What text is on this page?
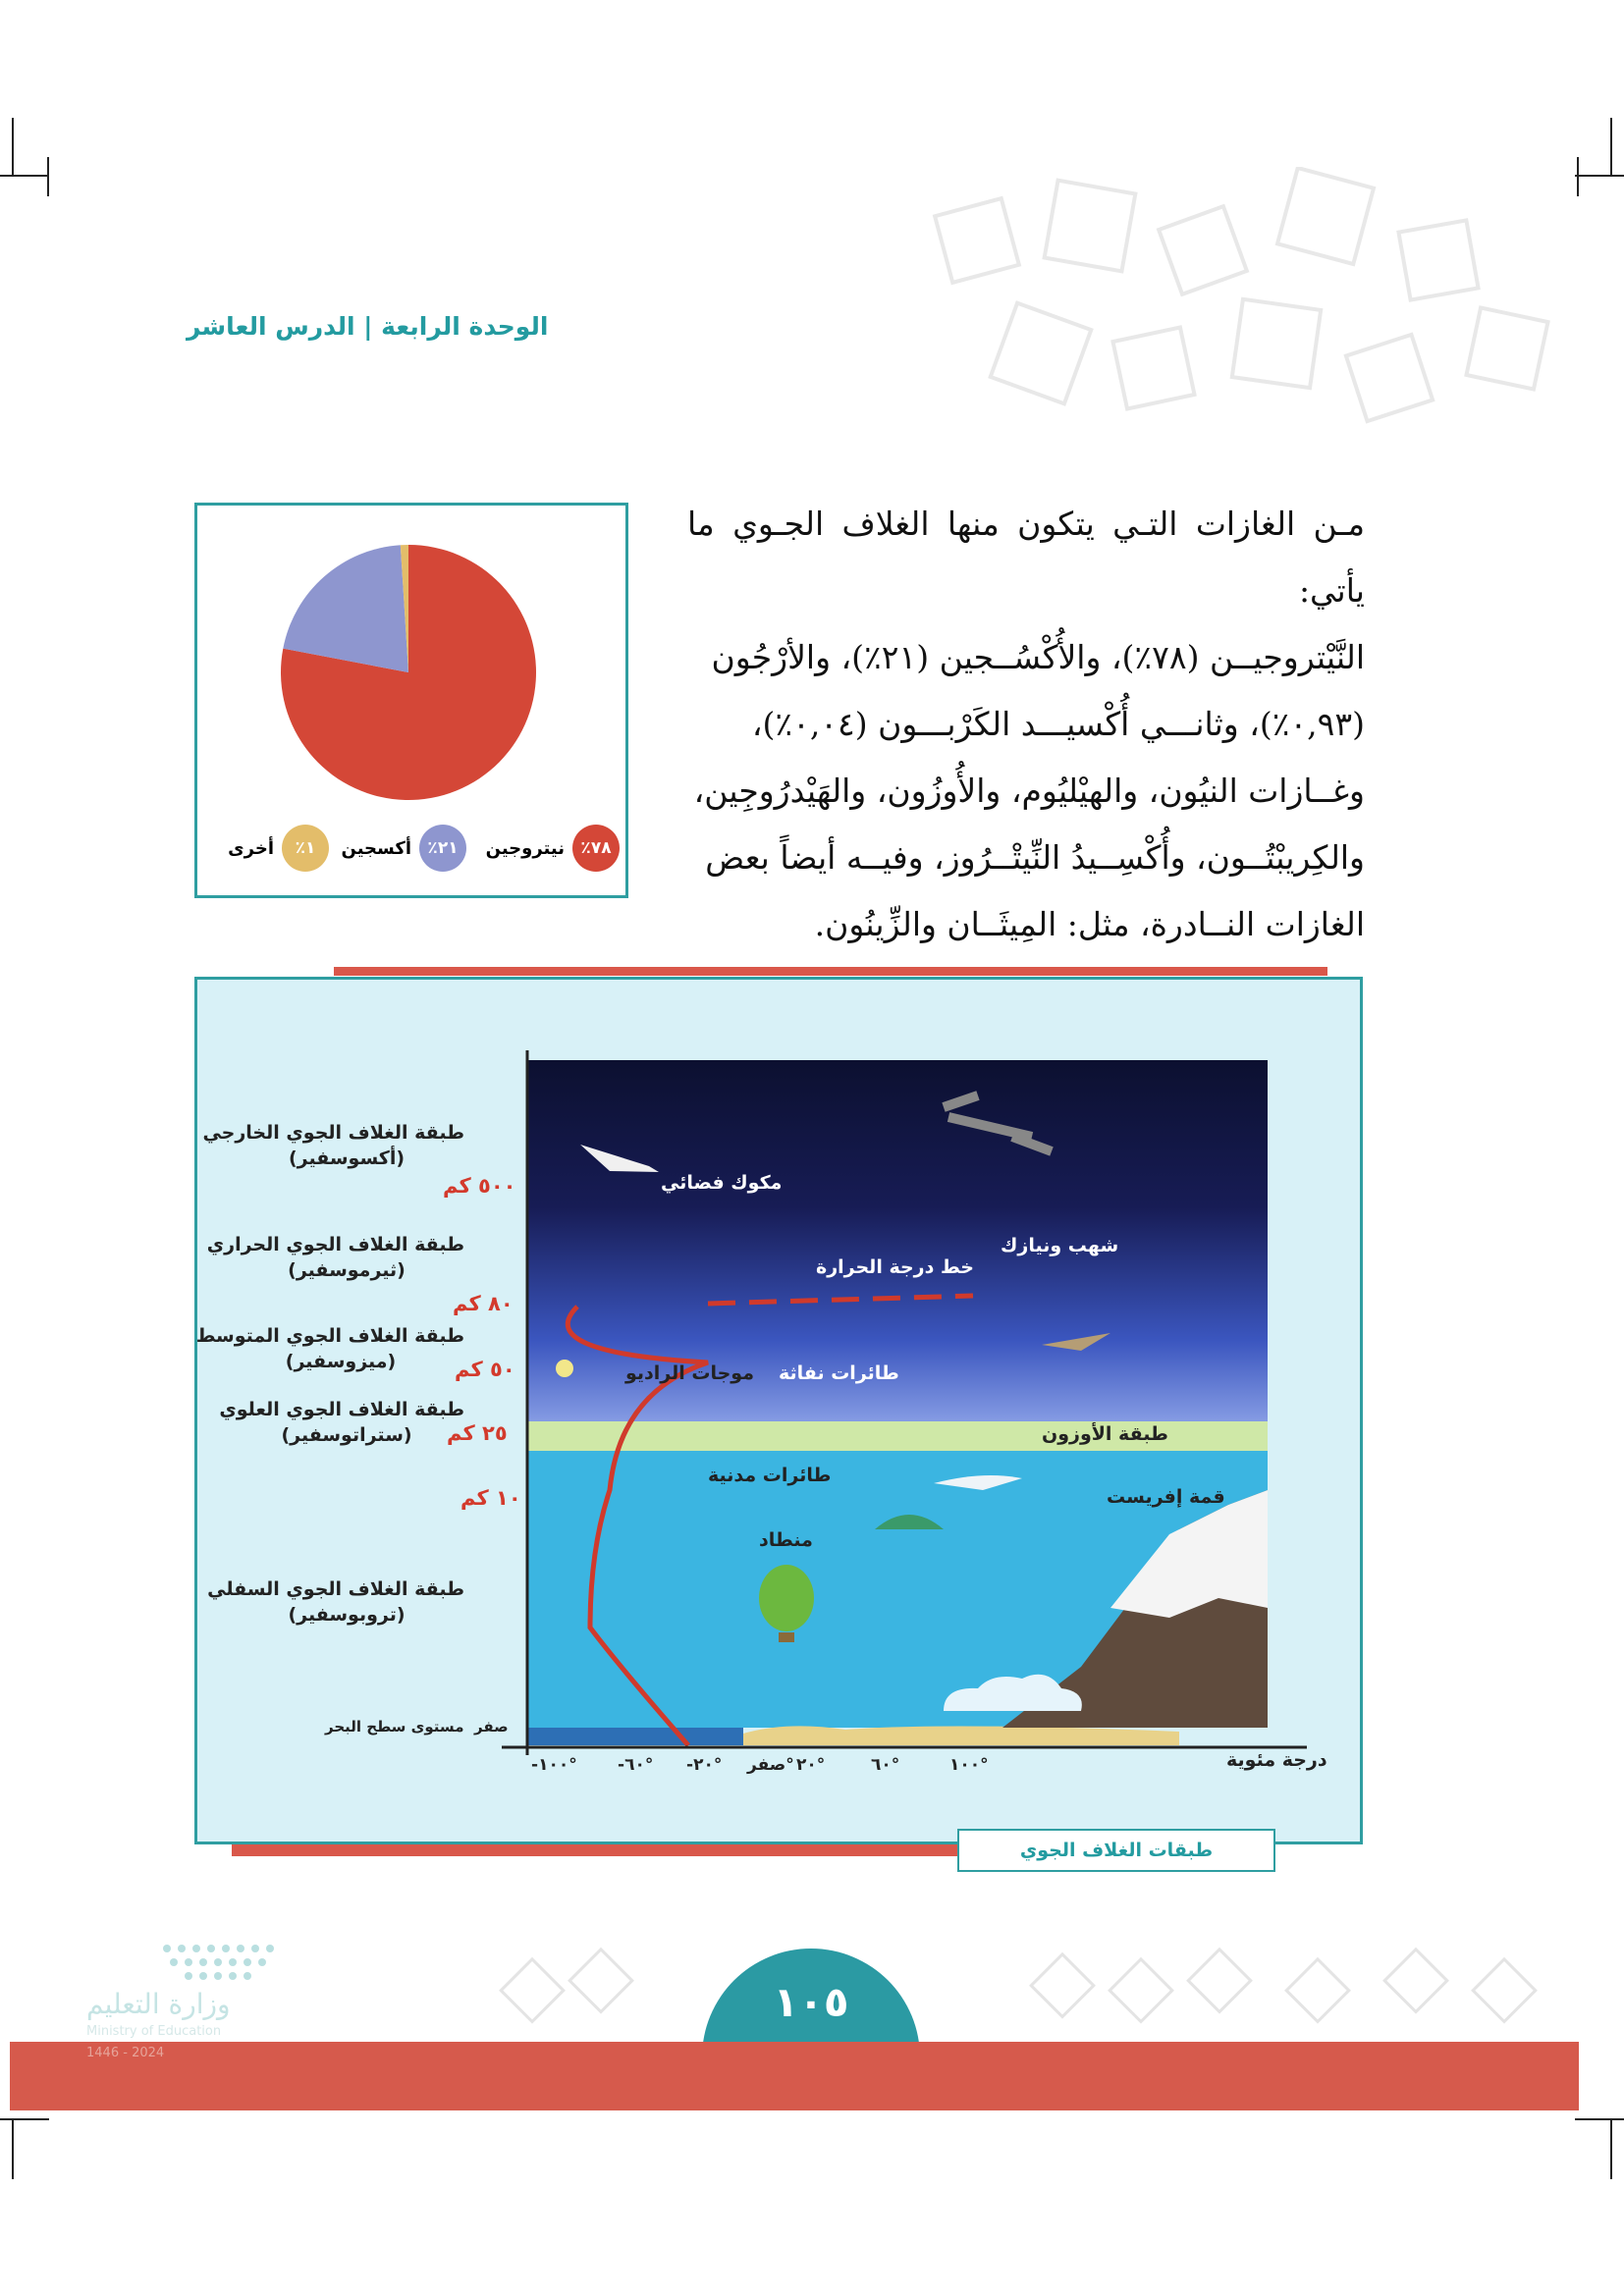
الوحدة الرابعة | الدرس العاشر

مـن الغازات التـي يتكون منها الغلاف الجـوي ما يأتي:

النَّيْتروجيــن (٧٨٪)، والأُكْسُــجين (٢١٪)، والأرْجُون

(٠,٩٣٪)، وثانـــي أُكْسيـــد الكَرْبـــون (٠,٠٤٪)،

وغــازات النيُون، والهيْليُوم، والأُوزُون، والهَيْدرُوجِين،

والكِريبْتُــون، وأُكْسِــيدُ النِّيتْــرُوز، وفيــه أيضاً بعض

الغازات النــادرة، مثل: المِيثَــان والزِّينُون.

٧٨٪
نيتروجين
٢١٪
أكسجين
١٪
أخرى
طبقة الغلاف الجوي الخارجي
(أكسوسفير)
طبقة الغلاف الجوي الحراري
(ثيرموسفير)
طبقة الغلاف الجوي المتوسط
(ميزوسفير)
طبقة الغلاف الجوي العلوي
(ستراتوسفير)
طبقة الغلاف الجوي السفلي
(تروبوسفير)
٥٠٠ كم
٨٠ كم
٥٠ كم
٢٥ كم
١٠ كم
مستوى سطح البحر صفر
مكوك فضائي
شهب ونيازك
خط درجة الحرارة
موجات الراديو طائرات نفاثة
طبقة الأوزون
طائرات مدنية
قمة إفريست
منطاد
درجة مئوية
-١٠٠° -٦٠° -٢٠° صفر° ٢٠°	٦٠°	١٠٠°
طبقات الغلاف الجوي
١٠٥
وزارة التعليم
Ministry of Education
2024 - 1446
